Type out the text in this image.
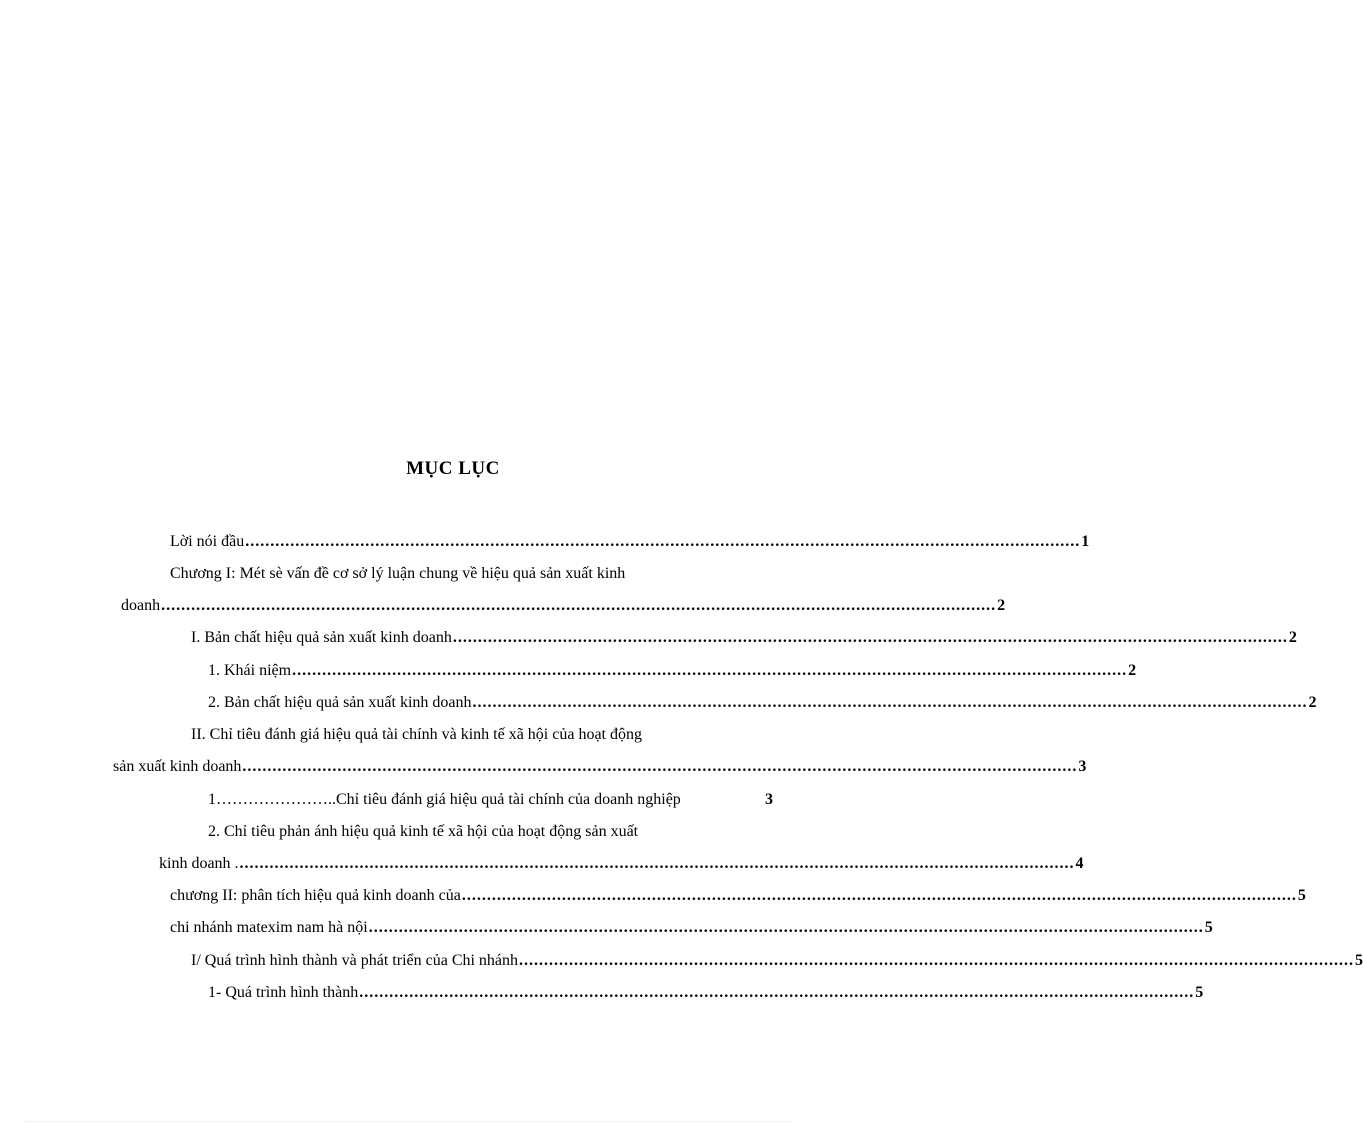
MỤC LỤC
Lời nói đầu ....................................................................................................................................................................... 1
Chương I: Mét sè vấn đề cơ sở lý luận chung về hiệu quả sản xuất kinh
doanh ....................................................................................................................................................................... 2
I. Bản chất hiệu quả sản xuất kinh doanh ....................................................................................................................................................................... 2
1. Khái niệm ....................................................................................................................................................................... 2
2. Bản chất hiệu quả sản xuất kinh doanh ....................................................................................................................................................................... 2
II. Chỉ tiêu đánh giá hiệu quả tài chính và kinh tế xã hội của hoạt động
sản xuất kinh doanh ....................................................................................................................................................................... 3
1………………….. Chỉ tiêu đánh giá hiệu quả tài chính của doanh nghiệp	3
2. Chỉ tiêu phản ánh hiệu quả kinh tế xã hội của hoạt động sản xuất
kinh doanh . ....................................................................................................................................................................... 4
chương II: phân tích hiệu quả kinh doanh của ....................................................................................................................................................................... 5
chi nhánh matexim nam hà nội ....................................................................................................................................................................... 5
I/ Quá trình hình thành và phát triển của Chi nhánh ....................................................................................................................................................................... 5
1- Quá trình hình thành ....................................................................................................................................................................... 5
